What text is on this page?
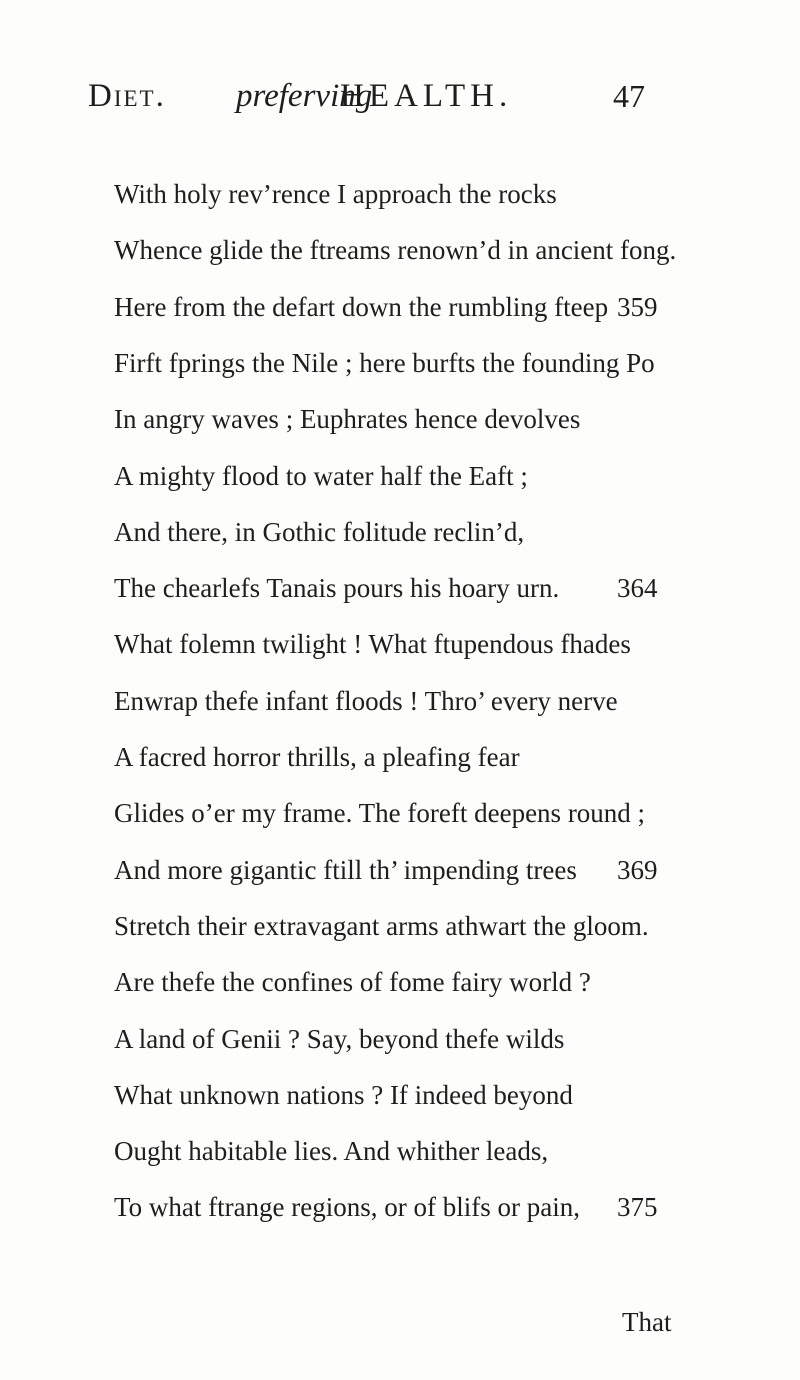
Diet. preferving
HEALTH.	47
With holy rev’rence I approach the rocks
Whence glide the ftreams renown’d in ancient fong.
Here from the defart down the rumbling fteep 359
Firft fprings the Nile ; here burfts the founding Po
In angry waves ; Euphrates hence devolves
A mighty flood to water half the Eaft ;
And there, in Gothic folitude reclin’d,
The chearlefs Tanais pours his hoary urn. 364
What folemn twilight ! What ftupendous fhades
Enwrap thefe infant floods ! Thro’ every nerve
A facred horror thrills, a pleafing fear
Glides o’er my frame. The foreft deepens round ;
And more gigantic ftill th’ impending trees 369
Stretch their extravagant arms athwart the gloom.
Are thefe the confines of fome fairy world ?
A land of Genii ? Say, beyond thefe wilds
What unknown nations ? If indeed beyond
Ought habitable lies. And whither leads,
To what ftrange regions, or of blifs or pain, 375
That
